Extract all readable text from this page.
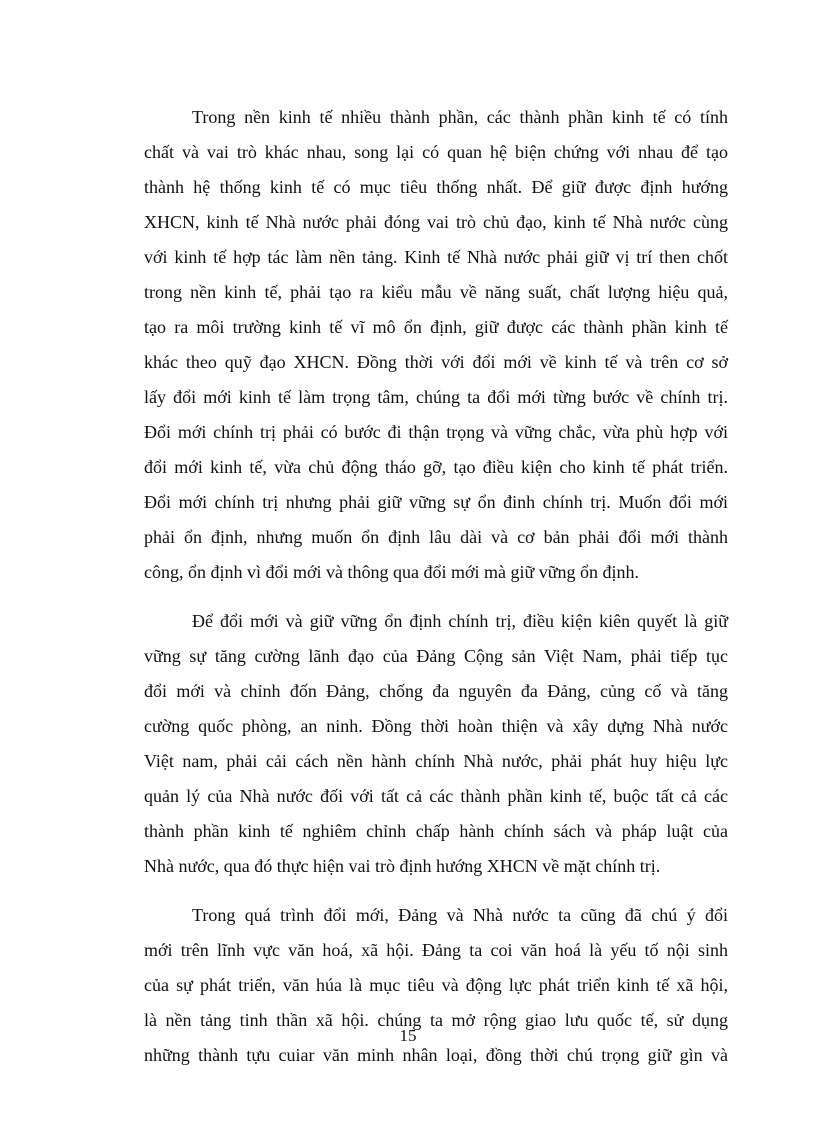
Trong nền kinh tế nhiều thành phần, các thành phần kinh tế có tính
chất và vai trò khác nhau, song lại có quan hệ biện chứng với nhau để tạo
thành hệ thống kinh tế có mục tiêu thống nhất. Để giữ được định hướng
XHCN, kinh tế Nhà nước phải đóng vai trò chủ đạo, kinh tế Nhà nước cùng
với kinh tế hợp tác làm nền tảng. Kinh tế Nhà nước phải giữ vị trí then chốt
trong nền kinh tế, phải tạo ra kiểu mẫu về năng suất, chất lượng hiệu quả,
tạo ra môi trường kinh tế vĩ mô ổn định, giữ được các thành phần kinh tế
khác theo quỹ đạo XHCN. Đồng thời với đổi mới về kinh tế và trên cơ sở
lấy đổi mới kinh tế làm trọng tâm, chúng ta đổi mới từng bước về chính trị.
Đổi mới chính trị phải có bước đi thận trọng và vững chắc, vừa phù hợp với
đổi mới kinh tế, vừa chủ động tháo gỡ, tạo điều kiện cho kinh tế phát triển.
Đổi mới chính trị nhưng phải giữ vững sự ổn đinh chính trị. Muốn đổi mới
phải ổn định, nhưng muốn ổn định lâu dài và cơ bản phải đổi mới thành
công, ổn định vì đổi mới và thông qua đổi mới mà giữ vững ổn định.
Để đổi mới và giữ vững ổn định chính trị, điều kiện kiên quyết là giữ
vững sự tăng cường lãnh đạo của Đảng Cộng sản Việt Nam, phải tiếp tục
đổi mới và chỉnh đốn Đảng, chống đa nguyên đa Đảng, củng cố và tăng
cường quốc phòng, an ninh. Đồng thời hoàn thiện và xây dựng Nhà nước
Việt nam, phải cải cách nền hành chính Nhà nước, phải phát huy hiệu lực
quản lý của Nhà nước đối với tất cả các thành phần kinh tế, buộc tất cả các
thành phần kinh tế nghiêm chỉnh chấp hành chính sách và pháp luật của
Nhà nước, qua đó thực hiện vai trò định hướng XHCN về mặt chính trị.
Trong quá trình đổi mới, Đảng và Nhà nước ta cũng đã chú ý đổi
mới trên lĩnh vực văn hoá, xã hội. Đảng ta coi văn hoá là yếu tố nội sinh
của sự phát triển, văn húa là mục tiêu và động lực phát triển kinh tế xã hội,
là nền tảng tinh thần xã hội. chúng ta mở rộng giao lưu quốc tế, sử dụng
những thành tựu cuiar văn minh nhân loại, đồng thời chú trọng giữ gìn và
15
